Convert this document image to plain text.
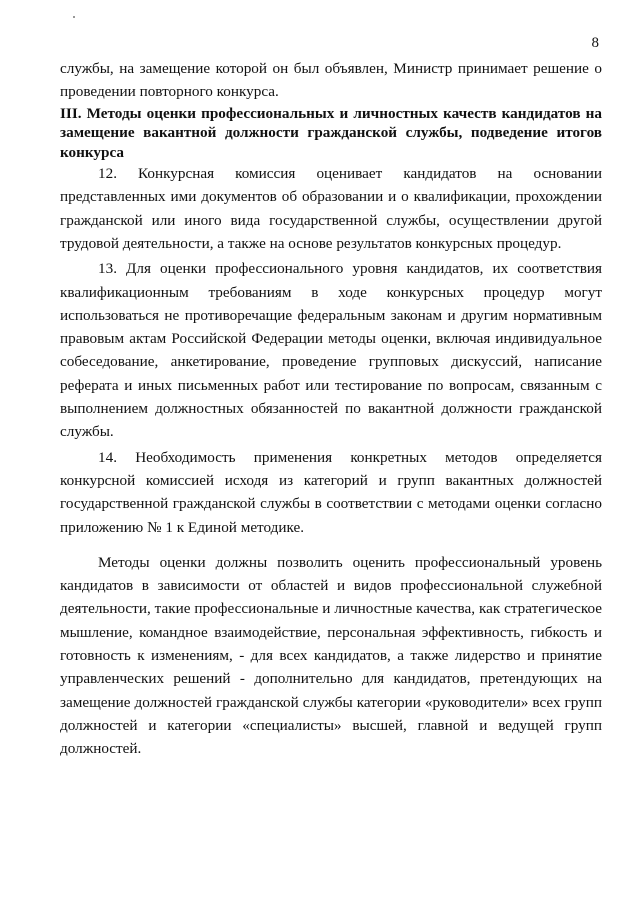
8

службы, на замещение которой он был объявлен, Министр принимает решение о проведении повторного конкурса.

III. Методы оценки профессиональных и личностных качеств кандидатов на замещение вакантной должности гражданской службы, подведение итогов конкурса

12. Конкурсная комиссия оценивает кандидатов на основании представленных ими документов об образовании и о квалификации, прохождении гражданской или иного вида государственной службы, осуществлении другой трудовой деятельности, а также на основе результатов конкурсных процедур.

13. Для оценки профессионального уровня кандидатов, их соответствия квалификационным требованиям в ходе конкурсных процедур могут использоваться не противоречащие федеральным законам и другим нормативным правовым актам Российской Федерации методы оценки, включая индивидуальное собеседование, анкетирование, проведение групповых дискуссий, написание реферата и иных письменных работ или тестирование по вопросам, связанным с выполнением должностных обязанностей по вакантной должности гражданской службы.

14. Необходимость применения конкретных методов определяется конкурсной комиссией исходя из категорий и групп вакантных должностей государственной гражданской службы в соответствии с методами оценки согласно приложению № 1 к Единой методике.

Методы оценки должны позволить оценить профессиональный уровень кандидатов в зависимости от областей и видов профессиональной служебной деятельности, такие профессиональные и личностные качества, как стратегическое мышление, командное взаимодействие, персональная эффективность, гибкость и готовность к изменениям, - для всех кандидатов, а также лидерство и принятие управленческих решений - дополнительно для кандидатов, претендующих на замещение должностей гражданской службы категории «руководители» всех групп должностей и категории «специалисты» высшей, главной и ведущей групп должностей.
